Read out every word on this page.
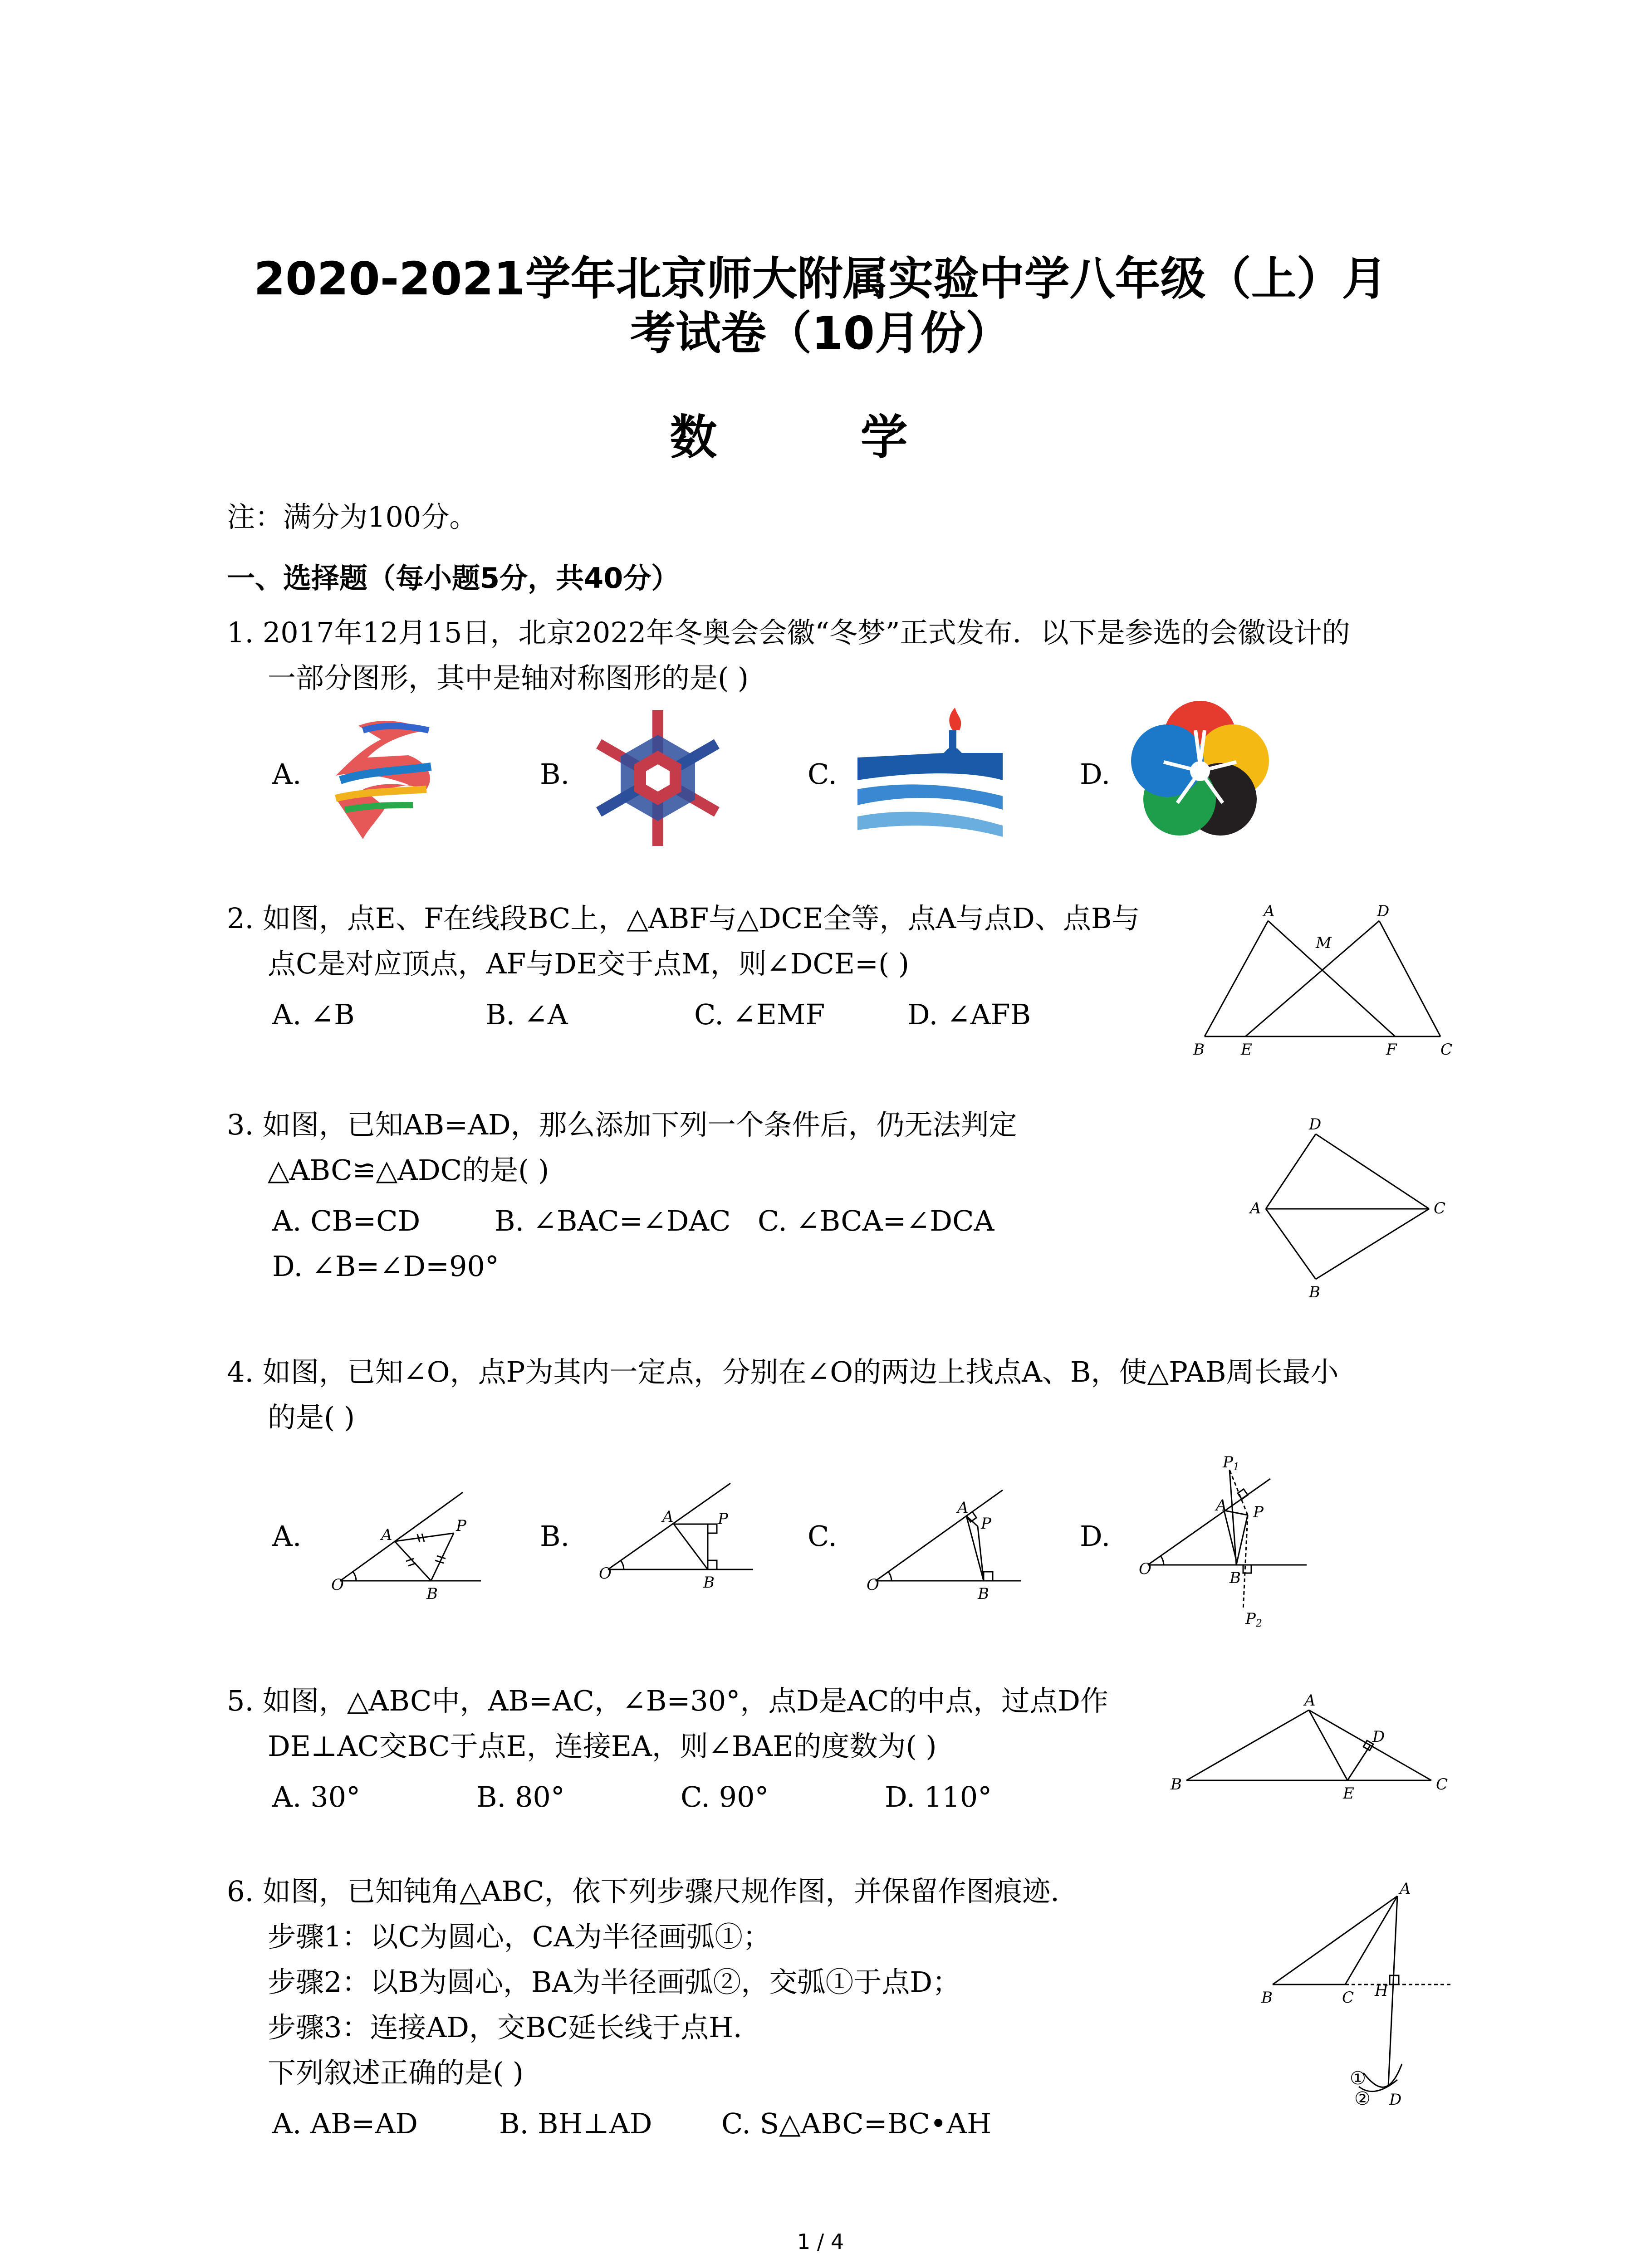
2020-2021学年北京师大附属实验中学八年级（上）月
考试卷（10月份）
数 学
注：满分为100分。
一、选择题（每小题5分，共40分）
1. 2017年12月15日，北京2022年冬奥会会徽“冬梦”正式发布．以下是参选的会徽设计的
一部分图形，其中是轴对称图形的是( )
A.	B.	C.	D.
2. 如图，点E、F在线段BC上，△ABF与△DCE全等，点A与点D、点B与
点C是对应顶点，AF与DE交于点M，则∠DCE=( )
A. ∠B	B. ∠A	C. ∠EMF	D. ∠AFB
A	D
M
B E	F	C
3. 如图，已知AB=AD，那么添加下列一个条件后，仍无法判定
△ABC≌△ADC的是( )
A. CB=CD	B. ∠BAC=∠DAC C. ∠BCA=∠DCA
D. ∠B=∠D=90°
D
A	C
B
4. 如图，已知∠O，点P为其内一定点，分别在∠O的两边上找点A、B，使△PAB周长最小
的是( )
A.
O
A	P
B
B.
O
A	P
B
C.
O
A
P
B
D.
P1
A P
O	B
P2
5. 如图，△ABC中，AB=AC，∠B=30°，点D是AC的中点，过点D作
DE⊥AC交BC于点E，连接EA，则∠BAE的度数为( )
A. 30°	B. 80°	C. 90°	D. 110°
A
B	C
D
E
6. 如图，已知钝角△ABC，依下列步骤尺规作图，并保留作图痕迹．
步骤1：以C为圆心，CA为半径画弧①；
步骤2：以B为圆心，BA为半径画弧②，交弧①于点D；
步骤3：连接AD，交BC延长线于点H．
下列叙述正确的是( )
A. AB=AD	B. BH⊥AD C. S△ABC=BC•AH
A
B	C H
D
①
②
1 / 4
